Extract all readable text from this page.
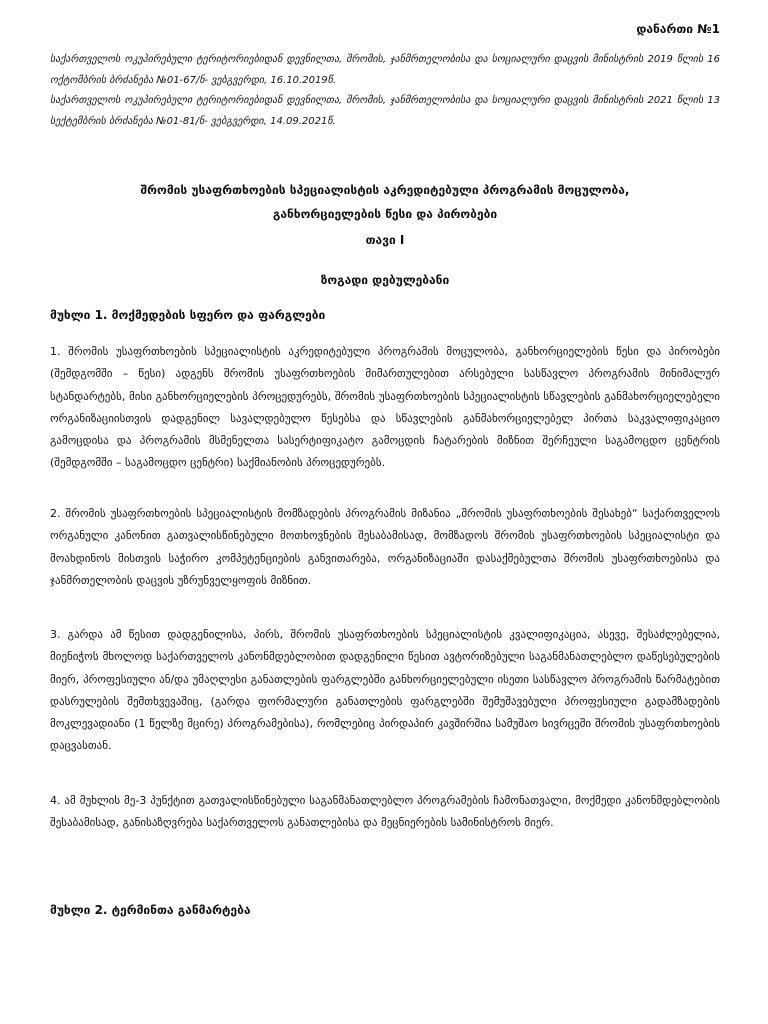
დანართი №1

საქართველოს ოკუპირებული ტერიტორიებიდან დევნილთა, შრომის, ჯანმრთელობისა და სოციალური დაცვის მინისტრის 2019 წლის 16 ოქტომბრის ბრძანება №01-67/ნ- ვებგვერდი, 16.10.2019წ.

საქართველოს ოკუპირებული ტერიტორიებიდან დევნილთა, შრომის, ჯანმრთელობისა და სოციალური დაცვის მინისტრის 2021 წლის 13 სექტემბრის ბრძანება №01-81/ნ- ვებგვერდი, 14.09.2021წ.

შრომის უსაფრთხოების სპეციალისტის აკრედიტებული პროგრამის მოცულობა,

განხორციელების წესი და პირობები

თავი I
ზოგადი დებულებანი
მუხლი 1. მოქმედების სფერო და ფარგლები

1. შრომის უსაფრთხოების სპეციალისტის აკრედიტებული პროგრამის მოცულობა, განხორციელების წესი და პირობები (შემდგომში – წესი) ადგენს შრომის უსაფრთხოების მიმართულებით არსებული სასწავლო პროგრამის მინიმალურ სტანდარტებს, მისი განხორციელების პროცედურებს, შრომის უსაფრთხოების სპეციალისტის სწავლების განმახორციელებელი ორგანიზაციისთვის დადგენილ სავალდებულო წესებსა და სწავლების განმახორციელებელ პირთა საკვალიფიკაციო გამოცდისა და პროგრამის მსმენელთა სასერტიფიკატო გამოცდის ჩატარების მიზნით შერჩეული საგამოცდო ცენტრის (შემდგომში – საგამოცდო ცენტრი) საქმიანობის პროცედურებს.

2. შრომის უსაფრთხოების სპეციალისტის მომზადების პროგრამის მიზანია „შრომის უსაფრთხოების შესახებ“ საქართველოს ორგანული კანონით გათვალისწინებული მოთხოვნების შესაბამისად, მომზადოს შრომის უსაფრთხოების სპეციალისტი და მოახდინოს მისთვის საჭირო კომპეტენციების განვითარება, ორგანიზაციაში დასაქმებულთა შრომის უსაფრთხოებისა და ჯანმრთელობის დაცვის უზრუნველყოფის მიზნით.

3. გარდა ამ წესით დადგენილისა, პირს, შრომის უსაფრთხოების სპეციალისტის კვალიფიკაცია, ასევე, შესაძლებელია, მიენიჭოს მხოლოდ საქართველოს კანონმდებლობით დადგენილი წესით ავტორიზებული საგანმანათლებლო დაწესებულების მიერ, პროფესიული ან/და უმაღლესი განათლების ფარგლებში განხორციელებული ისეთი სასწავლო პროგრამის წარმატებით დასრულების შემთხვევაშიც, (გარდა ფორმალური განათლების ფარგლებში შემუშავებული პროფესიული გადამზადების მოკლევადიანი (1 წელზე მცირე) პროგრამებისა), რომლებიც პირდაპირ კავშირშია სამუშაო სივრცეში შრომის უსაფრთხოების დაცვასთან.

4. ამ მუხლის მე-3 პუნქტით გათვალისწინებული საგანმანათლებლო პროგრამების ჩამონათვალი, მოქმედი კანონმდებლობის შესაბამისად, განისაზღვრება საქართველოს განათლებისა და მეცნიერების სამინისტროს მიერ.

მუხლი 2. ტერმინთა განმარტება
